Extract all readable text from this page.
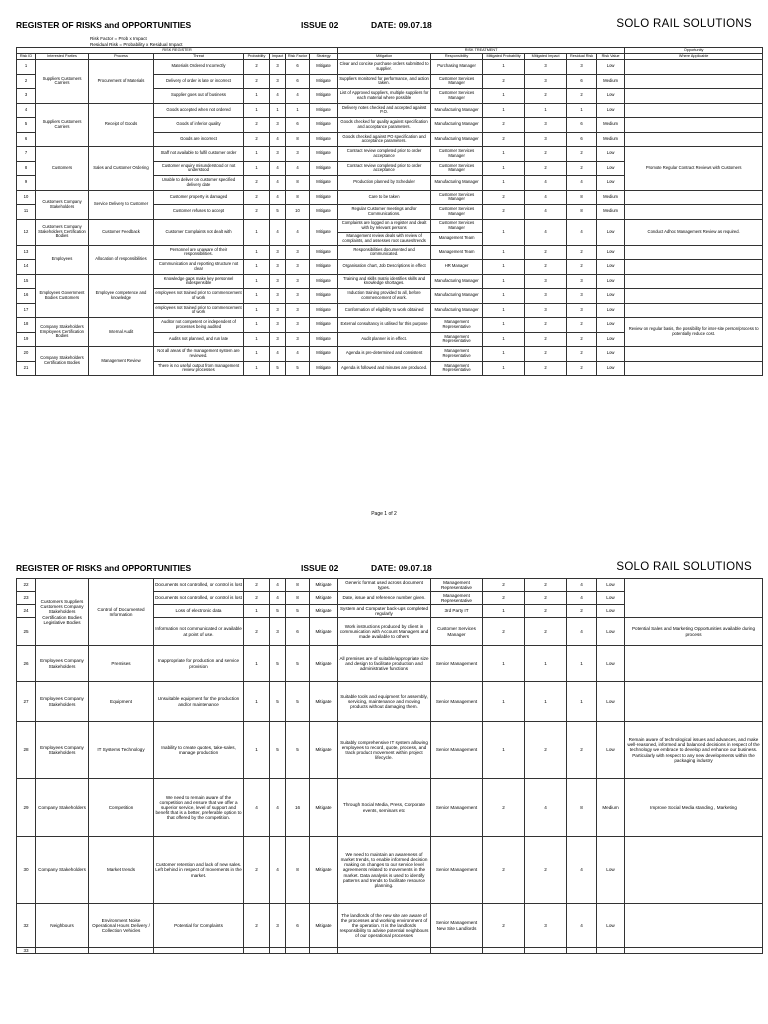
REGISTER OF RISKS and OPPORTUNITIES	ISSUE 02	DATE: 09.07.18	SOLO RAIL SOLUTIONS
Risk Factor = Prob x Impact
Residual Risk = Probability x Residual Impact
RISK REGISTER								RISK TREATMENT						Opportunity
Risk ID	Interested Parties	Process	Threat	Probability	Impact	Risk Factor	Strategy	Mitigation	Responsibility	Mitigated Probability	Mitigated Impact	Residual Risk	Risk Value	Where Applicable
1	Suppliers Customers Carriers	Procurement of Materials	Materials Ordered Incorrectly	2	3	6	Mitigate	Clear and concise purchase orders submitted to supplier.	Purchasing Manager	1	3	3	Low	
2			Delivery of order is late or incorrect	2	3	6	Mitigate	Suppliers monitored for performance, and action taken.	Customer Services Manager	2	3	6	Medium	
3			Supplier goes out of business	1	4	4	Mitigate	List of Approved suppliers, multiple suppliers for each material where possible	Customer Services Manager	1	2	2	Low	
4	Suppliers Customers Carriers	Receipt of Goods	Goods accepted when not ordered	1	1	1	Mitigate	Delivery notes checked and accepted against P.O.	Manufacturing Manager	1	1	1	Low	
5			Goods of inferior quality	2	3	6	Mitigate	Goods checked for quality against specification and acceptance parameters.	Manufacturing Manager	2	3	6	Medium	
6			Goods are incorrect	2	4	8	Mitigate	Goods checked against PO specification and acceptance parameters.	Manufacturing Manager	2	3	6	Medium	
7	Customers	Sales and Customer Ordering	Staff not available to fulfil customer order	1	3	3	Mitigate	Contract review completed prior to order acceptance	Customer Services Manager	1	2	2	Low	Promote Regular Contract Reviews with Customers
8			Customer enquiry misunderstood or not understood	1	4	4	Mitigate	Contract review completed prior to order acceptance	Customer Services Manager	1	2	2	Low	
9			Unable to deliver on customer specified delivery date	2	4	8	Mitigate	Production planned by Scheduler	Manufacturing Manager	1	4	4	Low	
10	Customers Company Stakeholders	Service Delivery to Customer	Customer property is damaged	2	4	8	Mitigate	Care to be taken	Customer Services Manager	2	4	8	Medium	
11			Customer refuses to accept	2	5	10	Mitigate	Regular Customer meetings and/or Communications.	Customer Services Manager	2	4	8	Medium	
12	Customers Company Stakeholders Certification Bodies	Customer Feedback	Customer Complaints not dealt with	1	4	4	Mitigate	Complaints are logged on a register and dealt with by relevant persons	Customer Services Manager	1	4	4	Low	Conduct Adhoc Management Review as required.
								Management review deals with review of complaints, and assesses root causes/trends	Management Team					
13	Employees	Allocation of responsibilities	Personnel are unaware of their responsibilities.	1	3	3	Mitigate	Responsibilities documented and communicated.	Management Team	1	2	2	Low	
14			Communication and reporting structure not clear	1	3	3	Mitigate	Organisation chart, Job Descriptions in effect	HR Manager	1	2	2	Low	
15	Employees Government Bodies Customers	Employee competence and knowledge	Knowledge gaps make key personnel indespensible	1	3	3	Mitigate	Training and skills matrix identifies skills and knowledge shortages.	Manufacturing Manager	1	3	3	Low	
16			employees not trained prior to commencement of work	1	3	3	Mitigate	Induction training provided to all, before commencement of work.	Manufacturing Manager	1	3	3	Low	
17			employees not trained prior to commencement of work	1	3	3	Mitigate	Conformation of eligibility to work obtained	Manufacturing Manager	1	3	3	Low	
18	Company Stakeholders Employees Certification Bodies	Internal Audit	Auditor not competent or independent of processes being audited	1	3	3	Mitigate	External consultancy is utilised for this purpose	Management Representative	1	2	2	Low	Review on regular basis, the possibility for inter-site person/process to potentially reduce cost.
19			Audits not planned, and run late	1	3	3	Mitigate	Audit planner is in effect.	Management Representative	1	2	2	Low	
20	Company Stakeholders Certification Bodies	Management Review	Not all areas of the management system are reviewed.	1	4	4	Mitigate	Agenda is pre-determined and consistent	Management Representative	1	2	2	Low	
21			There is no useful output from management review processes	1	5	5	Mitigate	Agenda is followed and minutes are produced.	Management Representative	1	2	2	Low	
Page 1 of 2
REGISTER OF RISKS and OPPORTUNITIES	ISSUE 02	DATE: 09.07.18	SOLO RAIL SOLUTIONS
22	Customers Suppliers Customers Company Stakeholders Certification Bodies Legislative Bodies	Control of Documented Information	Documents not controlled, or control is lost	2	4	8	Mitigate	Generic format used across document types.	Management Representative	2	2	4	Low	
23			Documents not controlled, or control is lost	2	4	8	Mitigate	Date, issue and reference number given.	Management Representative	2	2	4	Low	
24			Loss of electronic data	1	5	5	Mitigate	System and Computer back-ups completed regularly	3rd Party IT	1	2	2	Low	
25			Information not communicated or available at point of use.	2	3	6	Mitigate	Work instructions produced by client in communication with Account Managers and made available to others	Customer Services Manager	2	2	4	Low	Potential Sales and Marketing Opportunities available during process
26	Employees Company Stakeholders	Premises	Inappropriate for production and service provision	1	5	5	Mitigate	All premises are of suitable/appropriate size and design to facilitate production and administrative functions	Senior Management	1	1	1	Low	
27	Employees Company Stakeholders	Equipment	Unsuitable equipment for the production and/or maintenance	1	5	5	Mitigate	Suitable tools and equipment for assembly, servicing, maintenance and moving products without damaging them.	Senior Management	1	1	1	Low	
28	Employees Company Stakeholders	IT Systems Technology	Inability to create quotes, take-sales, manage production	1	5	5	Mitigate	Suitably comprehensive IT system allowing employees to record, quote, process, and track product movement within project lifecycle.	Senior Management	1	2	2	Low	Remain aware of technological issues and advances, and make well-reasoned, informed and balanced decisions in respect of the technology we embrace to develop and enhance our business. Particularly with respect to any new developments within the packaging industry
29	Company Stakeholders	Competition	We need to remain aware of the competition and ensure that we offer a superior service, level of support and benefit that is a better, preferable option to that offered by the competition.	4	4	16	Mitigate	Through Social Media, Press, Corporate events, seminars etc	Senior Management	2	4	8	Medium	Improve Social Media standing , Marketing
30	Company Stakeholders	Market trends	Customer retention and lack of new sales. Left behind in respect of movements in the market.	2	4	8	Mitigate	We need to maintain an awareness of market trends, to enable informed decision making on changes to our service level agreements related to movements in the market. Data analysis is used to identify patterns and trends to facilitate resource planning.	Senior Management	2	2	4	Low	
32	Neighbours	Environment Noise Operational Hours Delivery / Collection Vehicles	Potential for Complaints	2	3	6	Mitigate	The landlords of the new site are aware of the processes and working environment of the operation. It is the landlords responsibility to advise potential neighbours of our operational processes	Senior Management New Site Landlords	2	3	4	Low	
33														
